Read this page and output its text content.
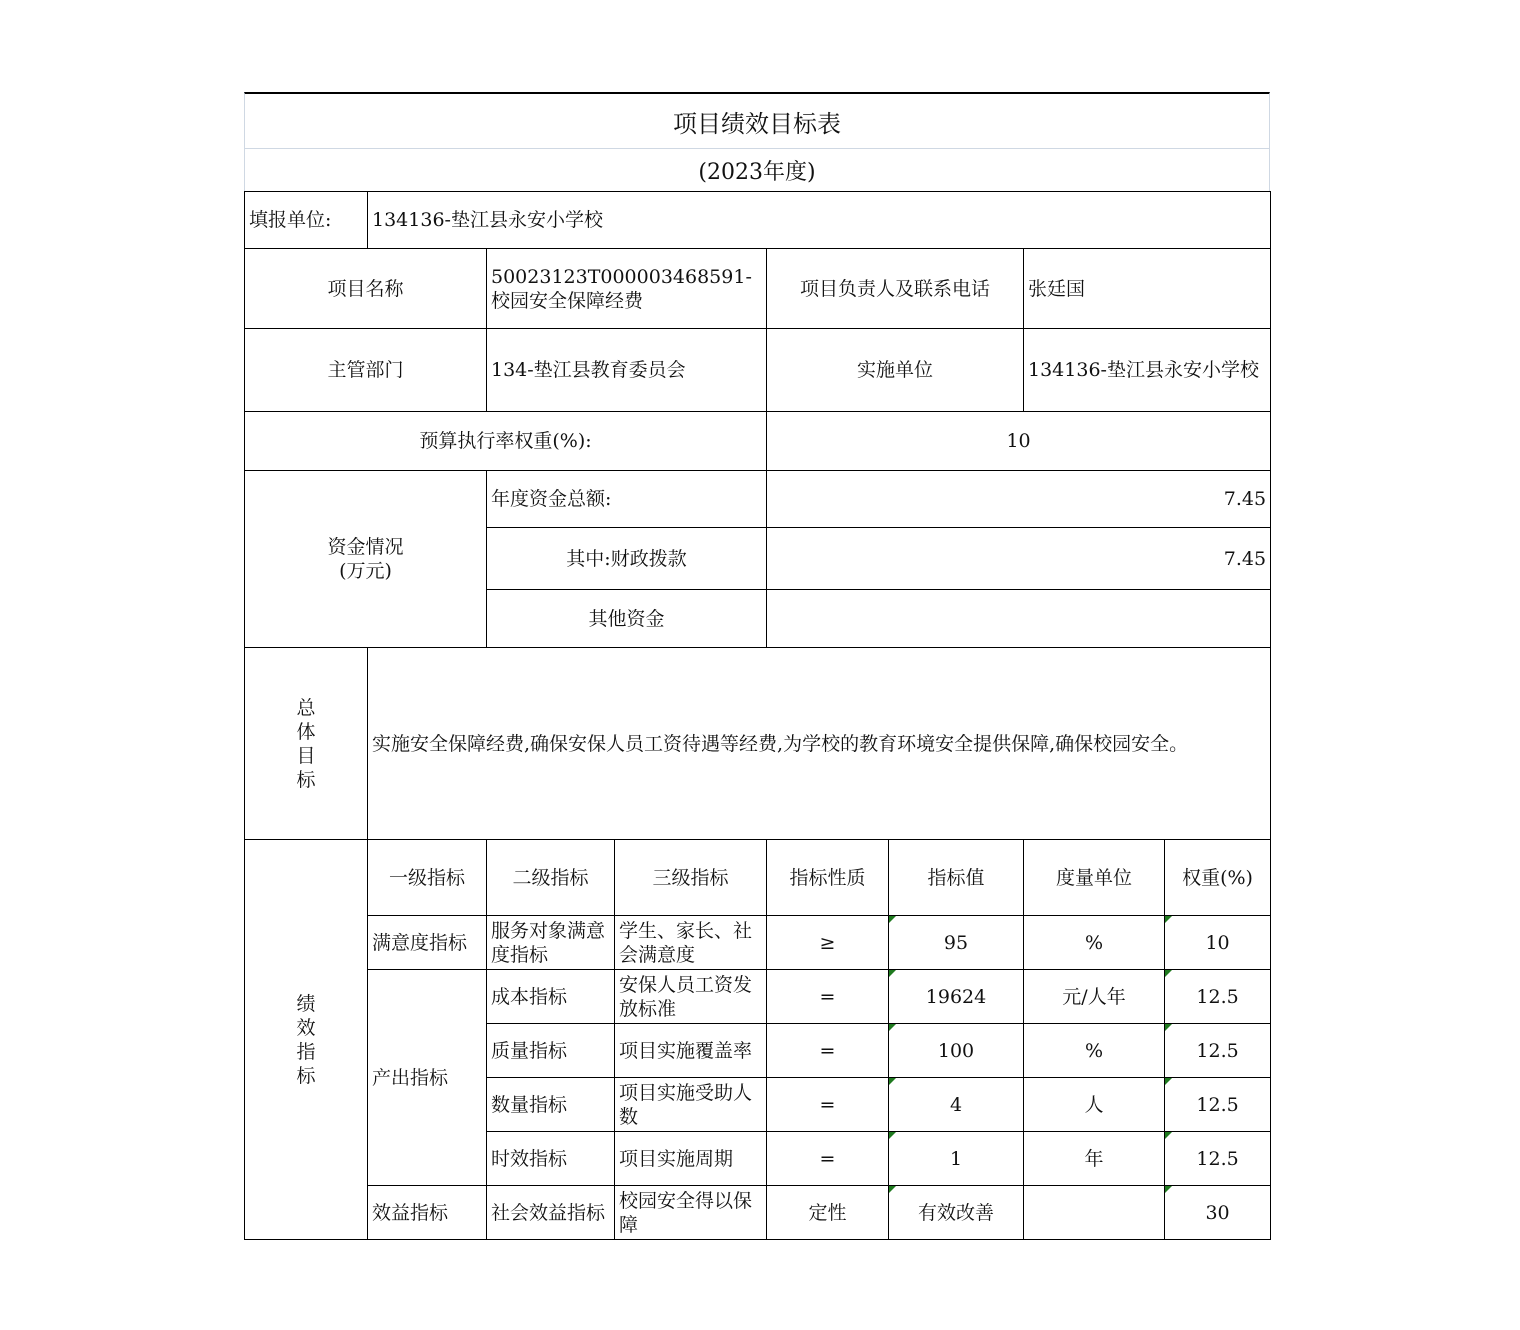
项目绩效目标表
(2023年度)
填报单位:	134136-垫江县永安小学校						
项目名称		50023123T000003468591-校园安全保障经费		项目负责人及联系电话		张廷国	
主管部门		134-垫江县教育委员会		实施单位		134136-垫江县永安小学校	
预算执行率权重(%):				10			

资金情况
(万元)		年度资金总额:		7.45			
		其中:财政拨款		7.45			
		其他资金					

总
体
目
标	实施安全保障经费,确保安保人员工资待遇等经费,为学校的教育环境安全提供保障,确保校园安全。						

绩
效
指
标	一级指标	二级指标	三级指标	指标性质	指标值	度量单位	权重(%)
	满意度指标	服务对象满意度指标	学生、家长、社会满意度	≥	95	%	10
	产出指标	成本指标	安保人员工资发放标准	=	19624	元/人年	12.5
		质量指标	项目实施覆盖率	=	100	%	12.5
		数量指标	项目实施受助人数	=	4	人	12.5
		时效指标	项目实施周期	=	1	年	12.5
	效益指标	社会效益指标	校园安全得以保障	定性	有效改善		30
